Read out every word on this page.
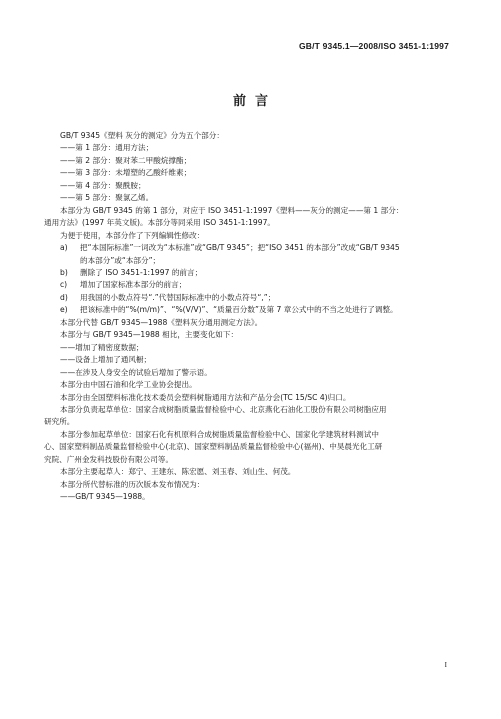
GB/T 9345.1—2008/ISO 3451-1:1997
前  言

GB/T 9345《塑料 灰分的测定》分为五个部分：

——第 1 部分：通用方法；

——第 2 部分：聚对苯二甲酸烷撑酯；

——第 3 部分：未增塑的乙酸纤维素；

——第 4 部分：聚酰胺；

——第 5 部分：聚氯乙烯。

本部分为 GB/T 9345 的第 1 部分，对应于 ISO 3451-1:1997《塑料——灰分的测定——第 1 部分：

通用方法》(1997 年英文版)。本部分等同采用 ISO 3451-1:1997。

为便于使用，本部分作了下列编辑性修改：

a) 把“本国际标准”一词改为“本标准”或“GB/T 9345”；把“ISO 3451 的本部分”改成“GB/T 9345

的本部分”或“本部分”；

b) 删除了 ISO 3451-1:1997 的前言；

c) 增加了国家标准本部分的前言；

d) 用我国的小数点符号“.”代替国际标准中的小数点符号“,”；

e) 把该标准中的“%(m/m)”、“%(V/V)”、“质量百分数”及第 7 章公式中的不当之处进行了调整。

本部分代替 GB/T 9345—1988《塑料灰分通用测定方法》。

本部分与 GB/T 9345—1988 相比，主要变化如下：

——增加了精密度数据；

——设备上增加了通风橱；

——在涉及人身安全的试验后增加了警示语。

本部分由中国石油和化学工业协会提出。

本部分由全国塑料标准化技术委员会塑料树脂通用方法和产品分会(TC 15/SC 4)归口。

本部分负责起草单位：国家合成树脂质量监督检验中心、北京燕化石油化工股份有限公司树脂应用

研究所。

本部分参加起草单位：国家石化有机原料合成树脂质量监督检验中心、国家化学建筑材料测试中

心、国家塑料制品质量监督检验中心(北京)、国家塑料制品质量监督检验中心(福州)、中昊晨光化工研

究院、广州金发科技股份有限公司等。

本部分主要起草人：郑宁、王建东、陈宏愿、刘玉春、刘山生、何茂。

本部分所代替标准的历次版本发布情况为：

——GB/T 9345—1988。

I
